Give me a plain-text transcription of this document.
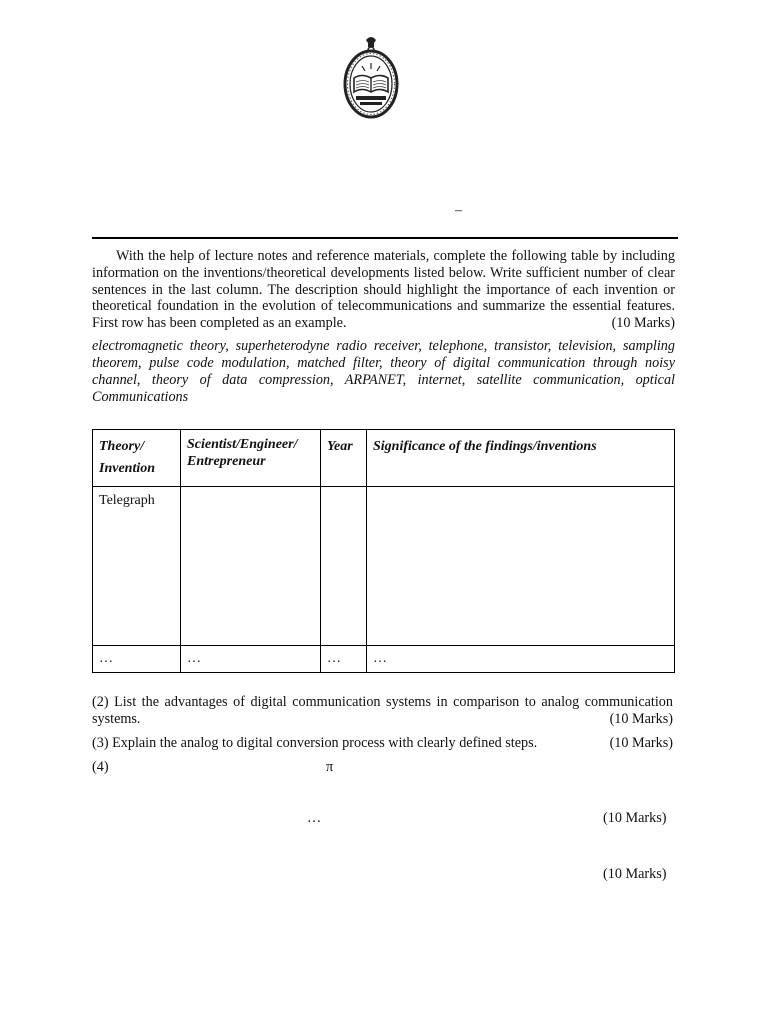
–
With the help of lecture notes and reference materials, complete the following table by including information on the inventions/theoretical developments listed below. Write sufficient number of clear sentences in the last column. The description should highlight the importance of each invention or theoretical foundation in the evolution of telecommunications and summarize the essential features. First row has been completed as an example.	(10 Marks)
electromagnetic theory, superheterodyne radio receiver, telephone, transistor, television, sampling theorem, pulse code modulation, matched filter, theory of digital communication through noisy channel, theory of data compression, ARPANET, internet, satellite communication, optical Communications
Theory/ Invention	Scientist/Engineer/ Entrepreneur	Year	Significance of the findings/inventions
Telegraph			
…	…	…	…
(2) List the advantages of digital communication systems in comparison to analog communication systems.	(10 Marks)
(3) Explain the analog to digital conversion process with clearly defined steps.	(10 Marks)
(4)	π
…	(10 Marks)
(10 Marks)
